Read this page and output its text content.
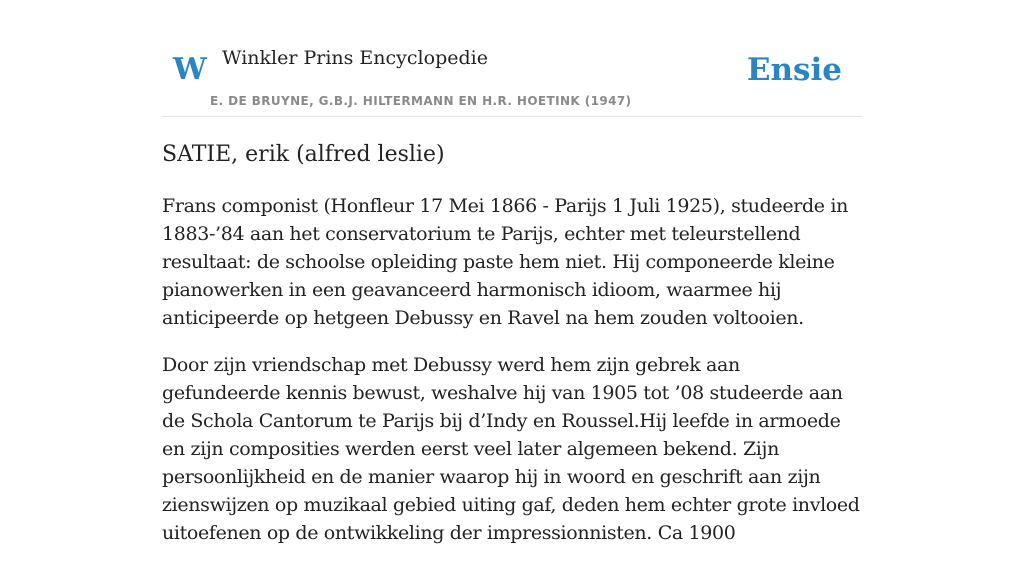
W Winkler Prins Encyclopedie
E. DE BRUYNE, G.B.J. HILTERMANN EN H.R. HOETINK (1947)
Ensie
SATIE, erik (alfred leslie)

Frans componist (Honfleur 17 Mei 1866 - Parijs 1 Juli 1925), studeerde in 1883-’84 aan het conservatorium te Parijs, echter met teleurstellend resultaat: de schoolse opleiding paste hem niet. Hij componeerde kleine pianowerken in een geavanceerd harmonisch idioom, waarmee hij anticipeerde op hetgeen Debussy en Ravel na hem zouden voltooien.

Door zijn vriendschap met Debussy werd hem zijn gebrek aan gefundeerde kennis bewust, weshalve hij van 1905 tot ’08 studeerde aan de Schola Cantorum te Parijs bij d’Indy en Roussel.Hij leefde in armoede en zijn composities werden eerst veel later algemeen bekend. Zijn persoonlijkheid en de manier waarop hij in woord en geschrift aan zijn zienswijzen op muzikaal gebied uiting gaf, deden hem echter grote invloed uitoefenen op de ontwikkeling der impressionnisten. Ca 1900
